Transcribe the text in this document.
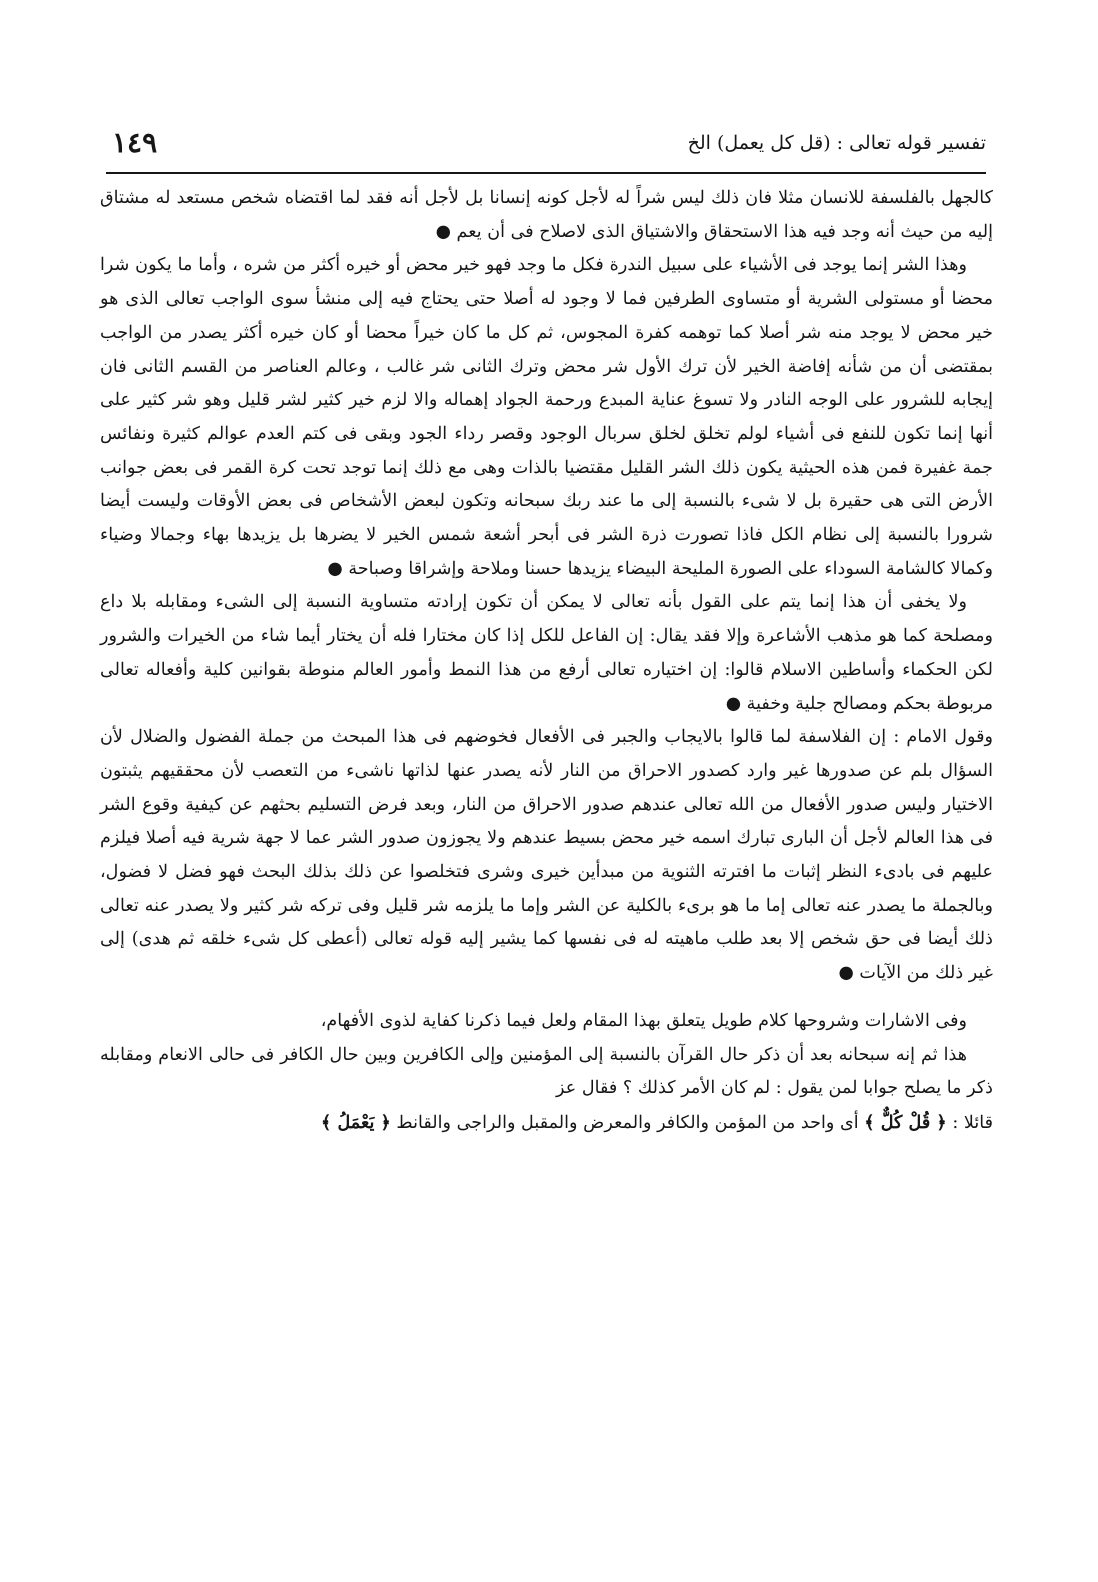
تفسير قوله تعالى : (قل كل يعمل) الخ
١٤٩

كالجهل بالفلسفة للانسان مثلا فان ذلك ليس شراً له لأجل كونه إنسانا بل لأجل أنه فقد لما اقتضاه شخص مستعد له مشتاق إليه من حيث أنه وجد فيه هذا الاستحقاق والاشتياق الذى لاصلاح فى أن يعم ●

وهذا الشر إنما يوجد فى الأشياء على سبيل الندرة فكل ما وجد فهو خير محض أو خيره أكثر من شره ، وأما ما يكون شرا محضا أو مستولى الشرية أو متساوى الطرفين فما لا وجود له أصلا حتى يحتاج فيه إلى منشأ سوى الواجب تعالى الذى هو خير محض لا يوجد منه شر أصلا كما توهمه كفرة المجوس، ثم كل ما كان خيراً محضا أو كان خيره أكثر يصدر من الواجب بمقتضى أن من شأنه إفاضة الخير لأن ترك الأول شر محض وترك الثانى شر غالب ، وعالم العناصر من القسم الثانى فان إيجابه للشرور على الوجه النادر ولا تسوغ عناية المبدع ورحمة الجواد إهماله والا لزم خير كثير لشر قليل وهو شر كثير على أنها إنما تكون للنفع فى أشياء لولم تخلق لخلق سربال الوجود وقصر رداء الجود وبقى فى كتم العدم عوالم كثيرة ونفائس جمة غفيرة فمن هذه الحيثية يكون ذلك الشر القليل مقتضيا بالذات وهى مع ذلك إنما توجد تحت كرة القمر فى بعض جوانب الأرض التى هى حقيرة بل لا شىء بالنسبة إلى ما عند ربك سبحانه وتكون لبعض الأشخاص فى بعض الأوقات وليست أيضا شرورا بالنسبة إلى نظام الكل فاذا تصورت ذرة الشر فى أبحر أشعة شمس الخير لا يضرها بل يزيدها بهاء وجمالا وضياء وكمالا كالشامة السوداء على الصورة المليحة البيضاء يزيدها حسنا وملاحة وإشراقا وصباحة ●

ولا يخفى أن هذا إنما يتم على القول بأنه تعالى لا يمكن أن تكون إرادته متساوية النسبة إلى الشىء ومقابله بلا داع ومصلحة كما هو مذهب الأشاعرة وإلا فقد يقال: إن الفاعل للكل إذا كان مختارا فله أن يختار أيما شاء من الخيرات والشرور لكن الحكماء وأساطين الاسلام قالوا: إن اختياره تعالى أرفع من هذا النمط وأمور العالم منوطة بقوانين كلية وأفعاله تعالى مربوطة بحكم ومصالح جلية وخفية ●

وقول الامام : إن الفلاسفة لما قالوا بالايجاب والجبر فى الأفعال فخوضهم فى هذا المبحث من جملة الفضول والضلال لأن السؤال بلم عن صدورها غير وارد كصدور الاحراق من النار لأنه يصدر عنها لذاتها ناشىء من التعصب لأن محققيهم يثبتون الاختيار وليس صدور الأفعال من الله تعالى عندهم صدور الاحراق من النار، وبعد فرض التسليم بحثهم عن كيفية وقوع الشر فى هذا العالم لأجل أن البارى تبارك اسمه خير محض بسيط عندهم ولا يجوزون صدور الشر عما لا جهة شرية فيه أصلا فيلزم عليهم فى بادىء النظر إثبات ما افترته الثنوية من مبدأين خيرى وشرى فتخلصوا عن ذلك بذلك البحث فهو فضل لا فضول، وبالجملة ما يصدر عنه تعالى إما ما هو برىء بالكلية عن الشر وإما ما يلزمه شر قليل وفى تركه شر كثير ولا يصدر عنه تعالى ذلك أيضا فى حق شخص إلا بعد طلب ماهيته له فى نفسها كما يشير إليه قوله تعالى (أعطى كل شىء خلقه ثم هدى) إلى غير ذلك من الآيات ●

وفى الاشارات وشروحها كلام طويل يتعلق بهذا المقام ولعل فيما ذكرنا كفاية لذوى الأفهام،

هذا ثم إنه سبحانه بعد أن ذكر حال القرآن بالنسبة إلى المؤمنين وإلى الكافرين وبين حال الكافر فى حالى الانعام ومقابله ذكر ما يصلح جوابا لمن يقول : لم كان الأمر كذلك ؟ فقال عز

قائلا : ﴿ قُلْ كُلٌّ ﴾ أى واحد من المؤمن والكافر والمعرض والمقبل والراجى والقانط ﴿ يَعْمَلُ ﴾
